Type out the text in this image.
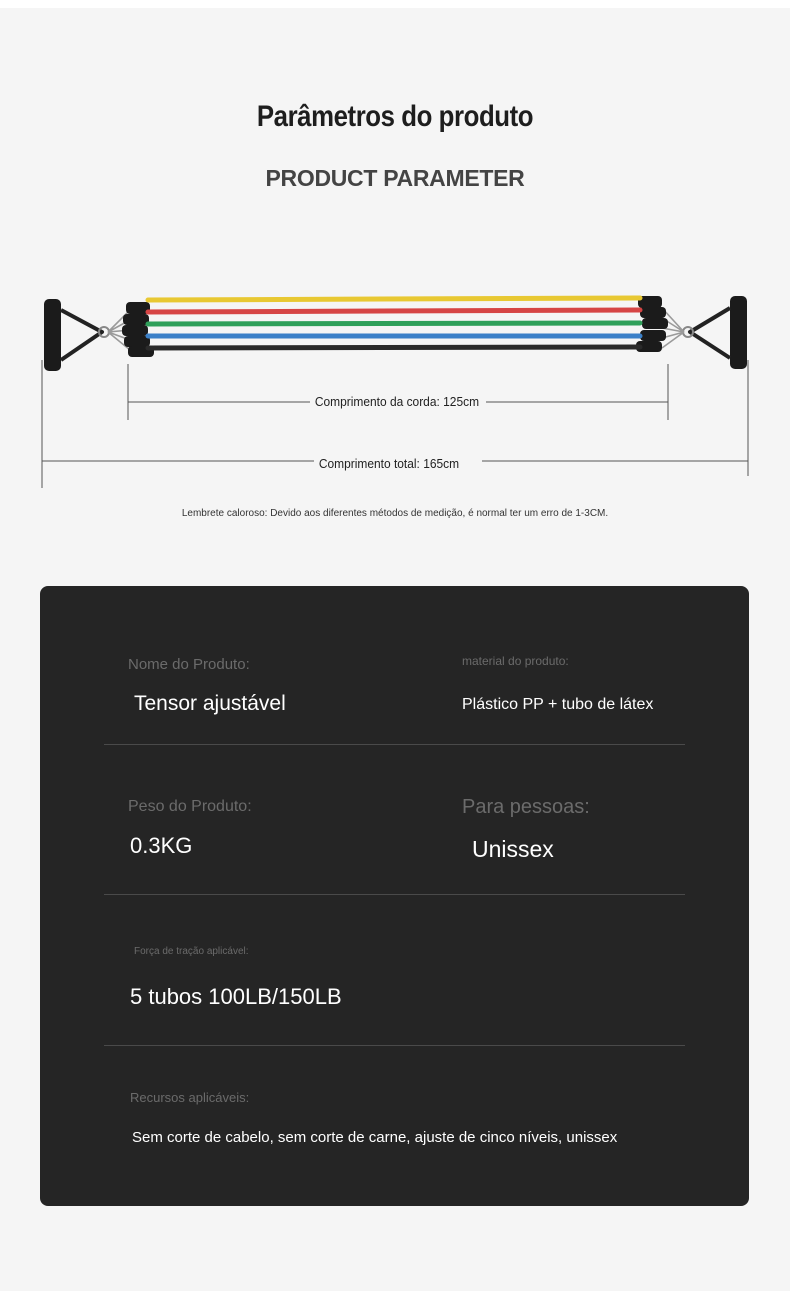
Parâmetros do produto
PRODUCT PARAMETER
Comprimento da corda: 125cm
Comprimento total: 165cm
Lembrete caloroso: Devido aos diferentes métodos de medição, é normal ter um erro de 1-3CM.
Nome do Produto:
Tensor ajustável
material do produto:
Plástico PP + tubo de látex
Peso do Produto:
0.3KG
Para pessoas:
Unissex
Força de tração aplicável:
5 tubos 100LB/150LB
Recursos aplicáveis:
Sem corte de cabelo, sem corte de carne, ajuste de cinco níveis, unissex
